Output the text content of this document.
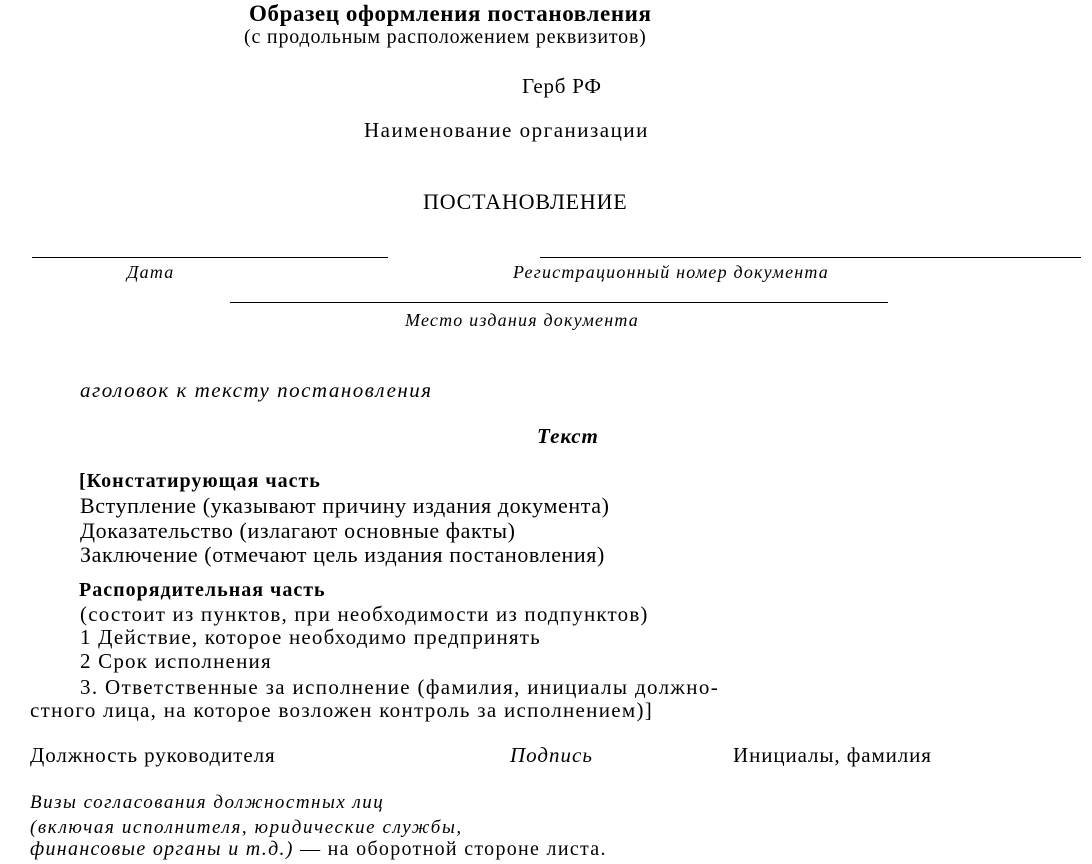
Образец оформления постановления
(с продольным расположением реквизитов)
Герб РФ
Наименование организации
ПОСТАНОВЛЕНИЕ
Дата	Регистрационный номер документа
Место издания документа
аголовок к тексту постановления
Текст
[Констатирующая часть
Вступление (указывают причину издания документа)
Доказательство (излагают основные факты)
Заключение (отмечают цель издания постановления)
Распорядительная часть
(состоит из пунктов, при необходимости из подпунктов)
1 Действие, которое необходимо предпринять
2 Срок исполнения
3. Ответственные за исполнение (фамилия, инициалы должно-
стного лица, на которое возложен контроль за исполнением)]
Должность руководителя	Подпись	Инициалы, фамилия
Визы согласования должностных лиц
(включая исполнителя, юридические службы,
финансовые органы и т.д.) — на оборотной стороне листа.
